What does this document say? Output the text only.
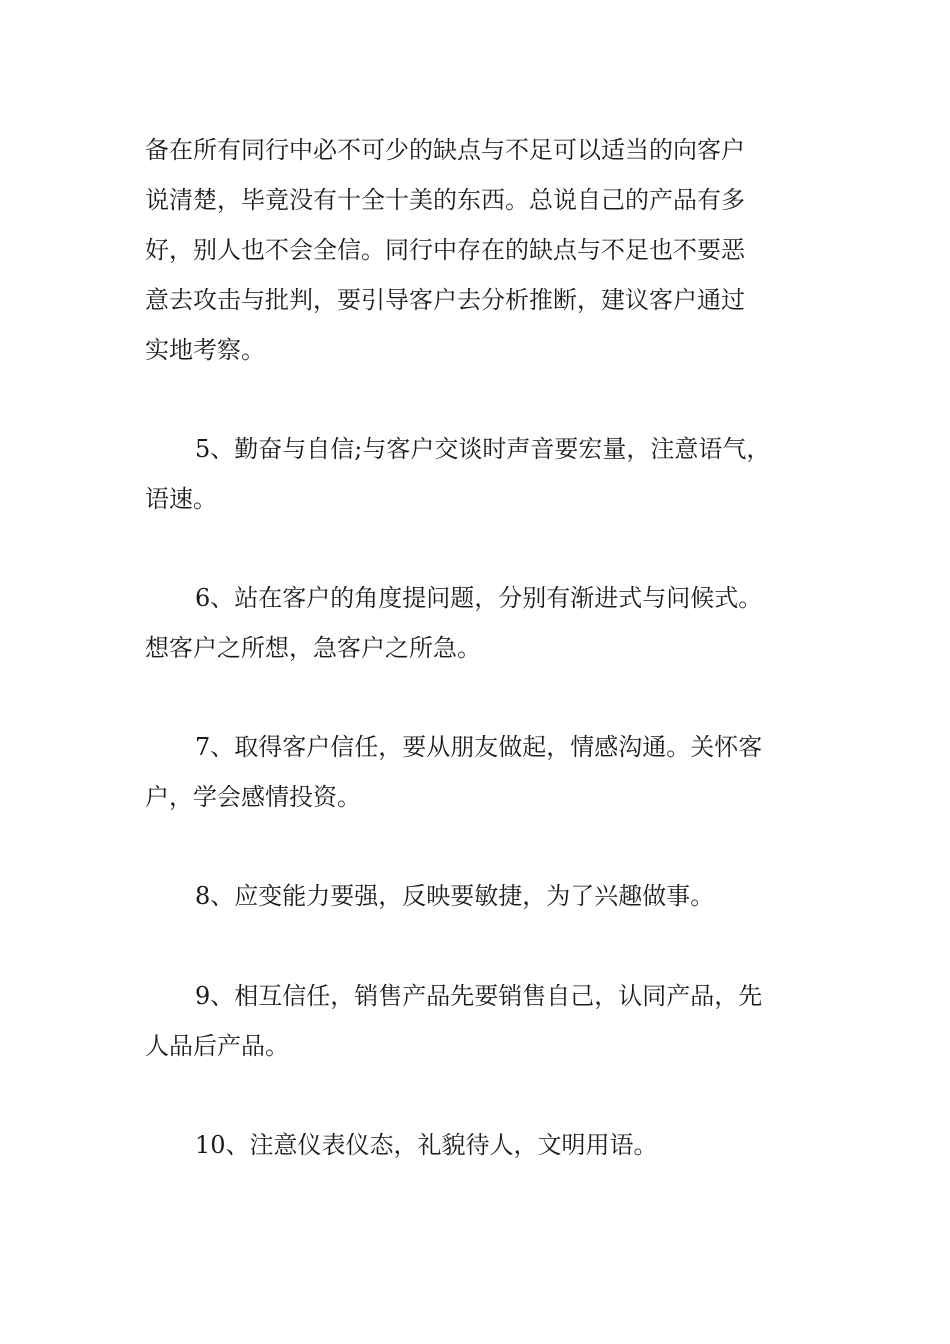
备在所有同行中必不可少的缺点与不足可以适当的向客户
说清楚，毕竟没有十全十美的东西。总说自己的产品有多
好，别人也不会全信。同行中存在的缺点与不足也不要恶
意去攻击与批判，要引导客户去分析推断，建议客户通过
实地考察。

5、勤奋与自信;与客户交谈时声音要宏量，注意语气，
语速。

6、站在客户的角度提问题，分别有渐进式与问候式。
想客户之所想，急客户之所急。

7、取得客户信任，要从朋友做起，情感沟通。关怀客
户，学会感情投资。

8、应变能力要强，反映要敏捷，为了兴趣做事。

9、相互信任，销售产品先要销售自己，认同产品，先
人品后产品。

10、注意仪表仪态，礼貌待人，文明用语。
